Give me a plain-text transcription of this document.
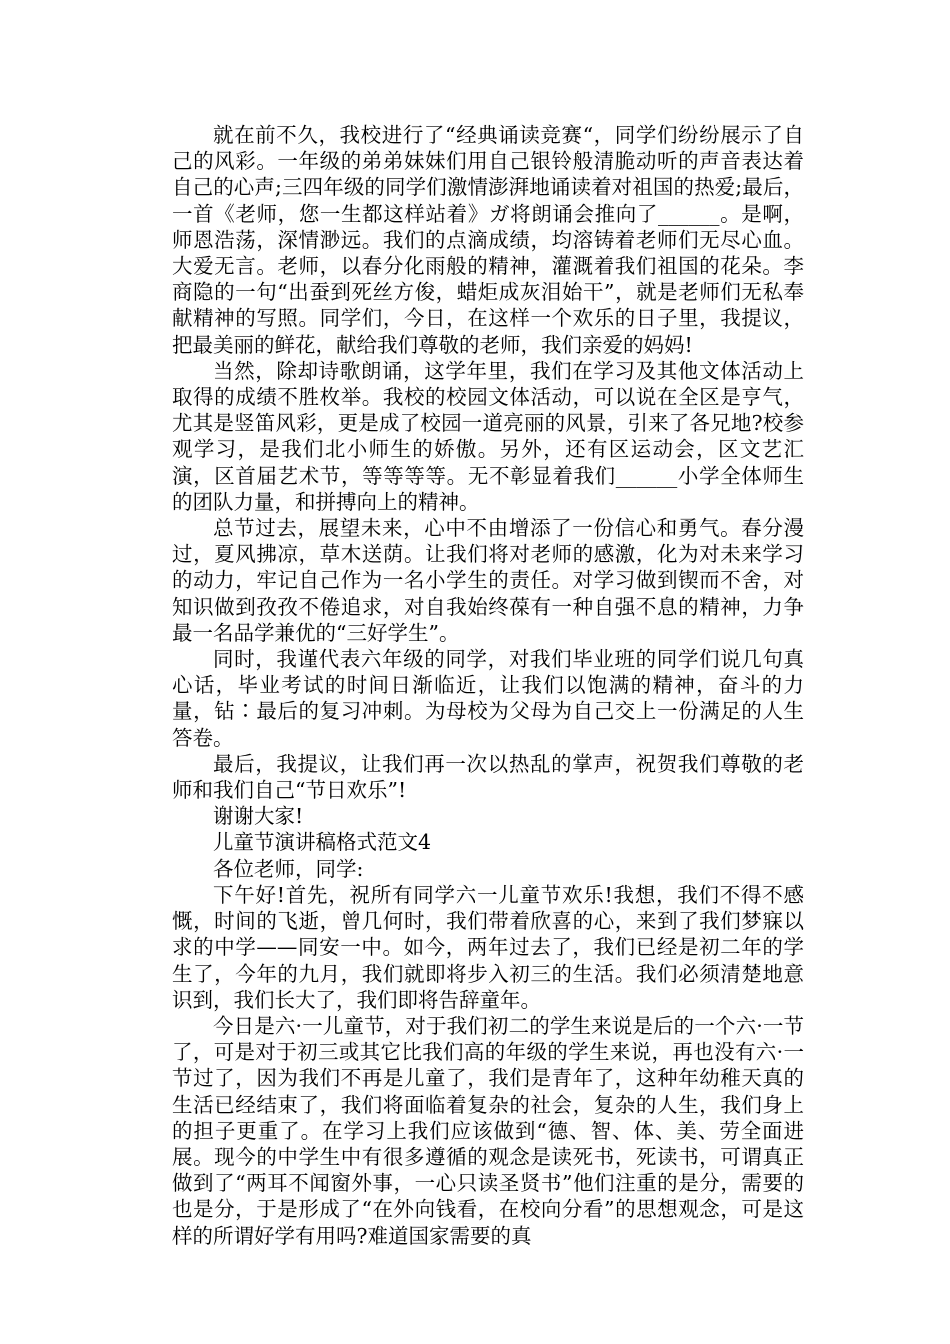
就在前不久，我校进行了“经典诵读竞赛“，同学们纷纷展示了自己的风彩。一年级的弟弟妹妹们用自己银铃般清脆动听的声音表达着自己的心声;三四年级的同学们激情澎湃地诵读着对祖国的热爱;最后，一首《老师，您一生都这样站着》ガ将朗诵会推向了______。是啊，师恩浩荡，深情渺远。我们的点滴成绩，均溶铸着老师们无尽心血。大爱无言。老师，以春分化雨般的精神，灌溉着我们祖国的花朵。李商隐的一句“出蚕到死丝方俊，蜡炬成灰泪始干”，就是老师们无私奉献精神的写照。同学们，今日，在这样一个欢乐的日子里，我提议，把最美丽的鲜花，献给我们尊敬的老师，我们亲爱的妈妈!

当然，除却诗歌朗诵，这学年里，我们在学习及其他文体活动上取得的成绩不胜枚举。我校的校园文体活动，可以说在全区是亨气，尤其是竖笛风彩，更是成了校园一道亮丽的风景，引来了各兄地?校参观学习，是我们北小师生的娇傲。另外，还有区运动会，区文艺汇演，区首届艺术节，等等等等。无不彰显着我们______小学全体师生的团队力量，和拼搏向上的精神。

总节过去，展望未来，心中不由增添了一份信心和勇气。春分漫过，夏风拂凉，草木送荫。让我们将对老师的感激，化为对未来学习的动力，牢记自己作为一名小学生的责任。对学习做到锲而不舍，对知识做到孜孜不倦追求，对自我始终葆有一种自强不息的精神，力争最一名品学兼优的“三好学生”。

同时，我谨代表六年级的同学，对我们毕业班的同学们说几句真心话，毕业考试的时间日渐临近，让我们以饱满的精神，奋斗的力量，钻∶最后的复习冲刺。为母校为父母为自己交上一份满足的人生答卷。

最后，我提议，让我们再一次以热乱的掌声，祝贺我们尊敬的老师和我们自己“节日欢乐”!

谢谢大家!

儿童节演讲稿格式范文4

各位老师，同学:

下午好!首先，祝所有同学六一儿童节欢乐!我想，我们不得不感慨，时间的飞逝，曾几何时，我们带着欣喜的心，来到了我们梦寐以求的中学——同安一中。如今，两年过去了，我们已经是初二年的学生了，今年的九月，我们就即将步入初三的生活。我们必须清楚地意识到，我们长大了，我们即将告辞童年。

今日是六·一儿童节，对于我们初二的学生来说是后的一个六·一节了，可是对于初三或其它比我们高的年级的学生来说，再也没有六·一节过了，因为我们不再是儿童了，我们是青年了，这种年幼稚天真的生活已经结束了，我们将面临着复杂的社会，复杂的人生，我们身上的担子更重了。在学习上我们应该做到“德、智、体、美、劳全面进展。现今的中学生中有很多遵循的观念是读死书，死读书，可谓真正做到了“两耳不闻窗外事，一心只读圣贤书”他们注重的是分，需要的也是分，于是形成了“在外向钱看，在校向分看”的思想观念，可是这样的所谓好学有用吗?难道国家需要的真
